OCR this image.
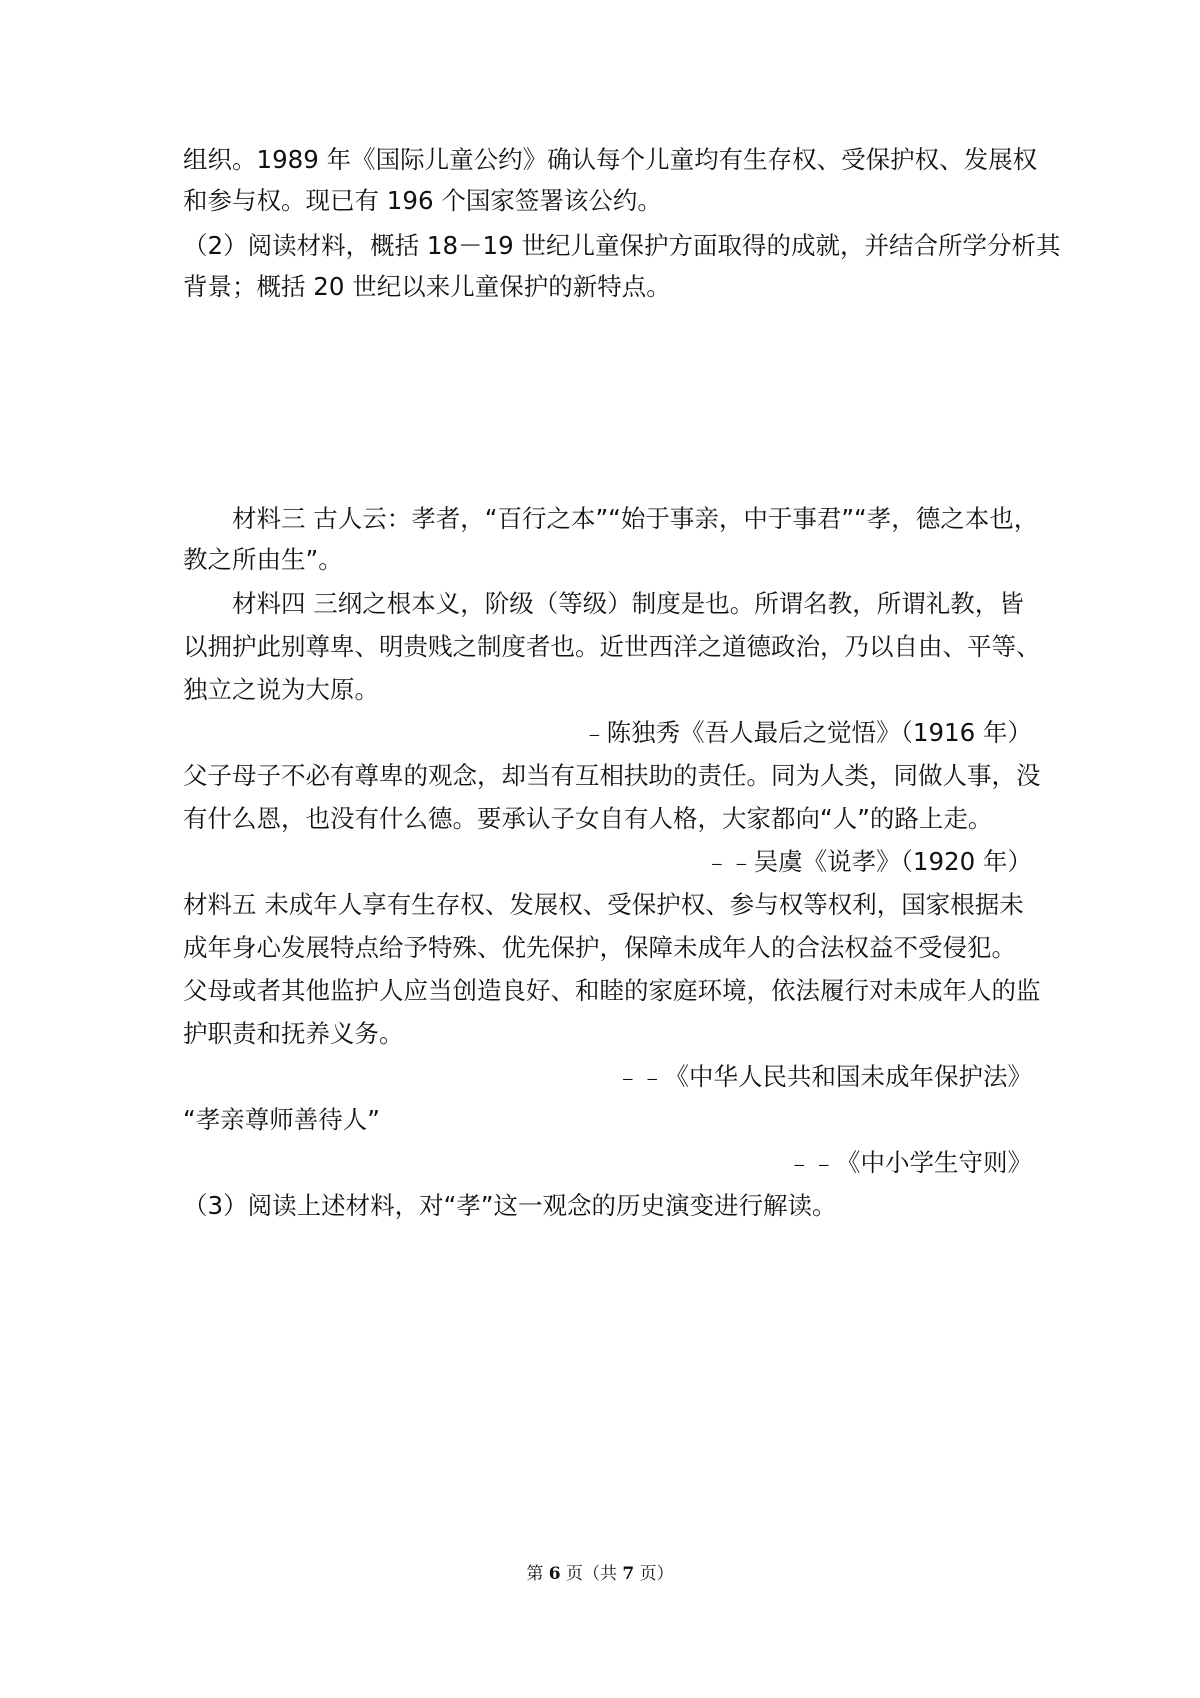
组织。1989 年《国际儿童公约》确认每个儿童均有生存权、受保护权、发展权
和参与权。现已有 196 个国家签署该公约。
（2）阅读材料，概括 18－19 世纪儿童保护方面取得的成就，并结合所学分析其
背景；概括 20 世纪以来儿童保护的新特点。
材料三 古人云：孝者，“百行之本”“始于事亲，中于事君”“孝，德之本也，
教之所由生”。
材料四 三纲之根本义，阶级（等级）制度是也。所谓名教，所谓礼教，皆
以拥护此别尊卑、明贵贱之制度者也。近世西洋之道德政治，乃以自由、平等、
独立之说为大原。
﹣陈独秀《吾人最后之觉悟》（1916 年）
父子母子不必有尊卑的观念，却当有互相扶助的责任。同为人类，同做人事，没
有什么恩，也没有什么德。要承认子女自有人格，大家都向“人”的路上走。
﹣﹣吴虞《说孝》（1920 年）
材料五 未成年人享有生存权、发展权、受保护权、参与权等权利，国家根据未
成年身心发展特点给予特殊、优先保护，保障未成年人的合法权益不受侵犯。
父母或者其他监护人应当创造良好、和睦的家庭环境，依法履行对未成年人的监
护职责和抚养义务。
﹣﹣《中华人民共和国未成年保护法》
“孝亲尊师善待人”
﹣﹣《中小学生守则》
（3）阅读上述材料，对“孝”这一观念的历史演变进行解读。
第 6 页（共 7 页）
